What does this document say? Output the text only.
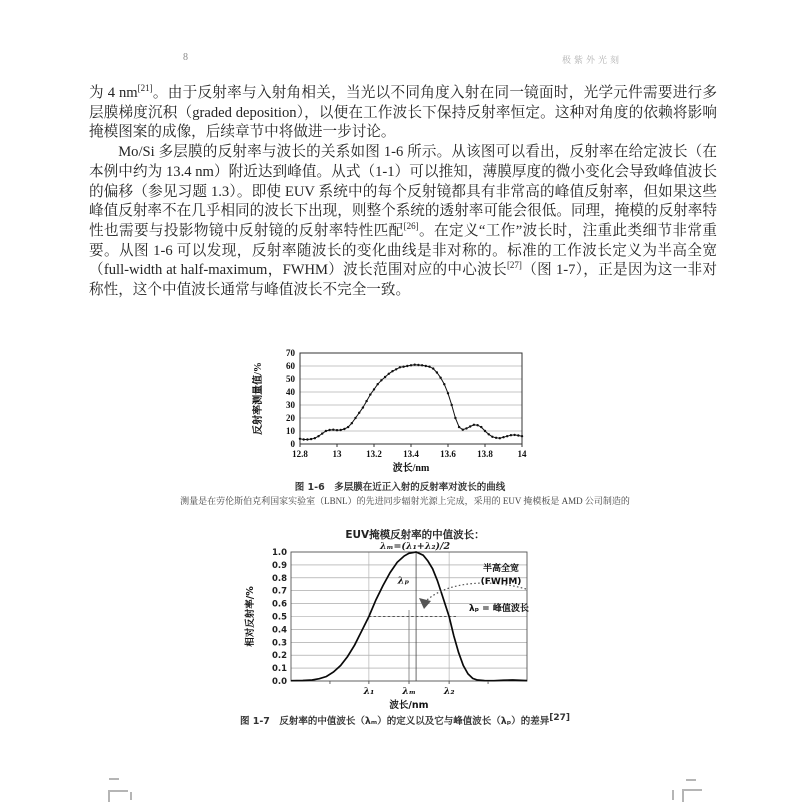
8	极紫外光刻

为 4 nm[21]。由于反射率与入射角相关，当光以不同角度入射在同一镜面时，光学元件需要进行多层膜梯度沉积（graded deposition），以便在工作波长下保持反射率恒定。这种对角度的依赖将影响掩模图案的成像，后续章节中将做进一步讨论。

Mo/Si 多层膜的反射率与波长的关系如图 1-6 所示。从该图可以看出，反射率在给定波长（在本例中约为 13.4 nm）附近达到峰值。从式（1-1）可以推知，薄膜厚度的微小变化会导致峰值波长的偏移（参见习题 1.3）。即使 EUV 系统中的每个反射镜都具有非常高的峰值反射率，但如果这些峰值反射率不在几乎相同的波长下出现，则整个系统的透射率可能会很低。同理，掩模的反射率特性也需要与投影物镜中反射镜的反射率特性匹配[26]。在定义“工作”波长时，注重此类细节非常重要。从图 1-6 可以发现，反射率随波长的变化曲线是非对称的。标准的工作波长定义为半高全宽（full-width at half-maximum，FWHM）波长范围对应的中心波长[27]（图 1-7），正是因为这一非对称性，这个中值波长通常与峰值波长不完全一致。

0
10
20
30
40
50
60
70
12.8	13	13.2 13.4 13.6 13.8	14
波长/nm
反射率测量值/%
图 1-6　多层膜在近正入射的反射率对波长的曲线
测量是在劳伦斯伯克利国家实验室（LBNL）的先进同步辐射光源上完成，采用的 EUV 掩模板是 AMD 公司制造的
EUV掩模反射率的中值波长：
λₘ=(λ₁+λ₂)/2
0.0
0.1
0.2
0.3
0.4
0.5
0.6
0.7
0.8
0.9
1.0
λₚ
半高全宽
(FWHM)
λₚ = 峰值波长
λ₁	λₘ	λ₂
波长/nm
相对反射率/%
图 1-7　反射率的中值波长（λₘ）的定义以及它与峰值波长（λₚ）的差异[27]
